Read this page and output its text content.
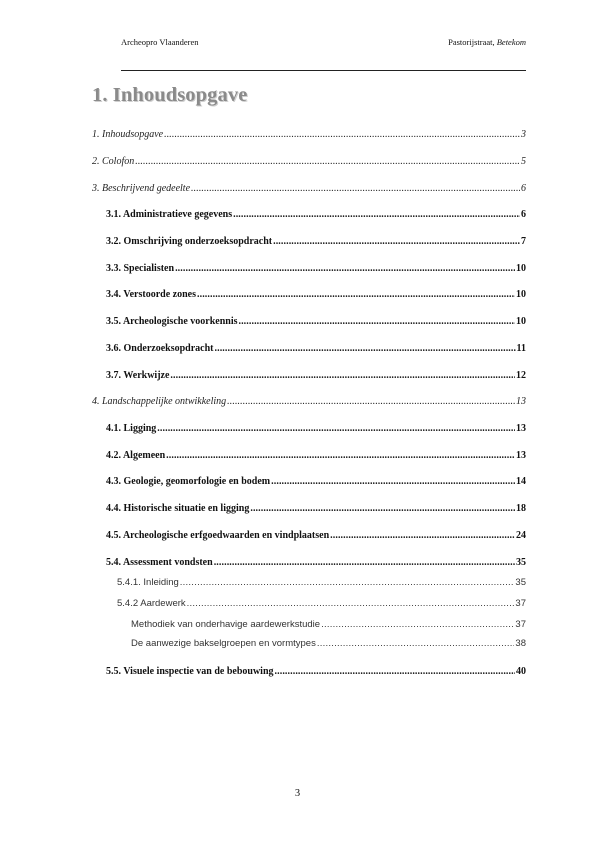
Archeopro Vlaanderen	Pastorijstraat, Betekom
1. Inhoudsopgave
1. Inhoudsopgave . . .	3
2. Colofon . . .	5
3. Beschrijvend gedeelte . . .	6
3.1. Administratieve gegevens . . .	6
3.2. Omschrijving onderzoeksopdracht . . .	7
3.3. Specialisten . . .	10
3.4. Verstoorde zones . . .	10
3.5. Archeologische voorkennis . . .	10
3.6. Onderzoeksopdracht . . .	11
3.7. Werkwijze . . .	12
4. Landschappelijke ontwikkeling . . .	13
4.1. Ligging . . .	13
4.2. Algemeen . . .	13
4.3. Geologie, geomorfologie en bodem . . .	14
4.4. Historische situatie en ligging . . .	18
4.5. Archeologische erfgoedwaarden en vindplaatsen . . .	24
5.4. Assessment vondsten . . .	35
5.4.1. Inleiding . . .	35
5.4.2 Aardewerk . . .	37
Methodiek van onderhavige aardewerkstudie . . .	37
De aanwezige bakselgroepen en vormtypes . . .	38
5.5. Visuele inspectie van de bebouwing . . .	40
3
